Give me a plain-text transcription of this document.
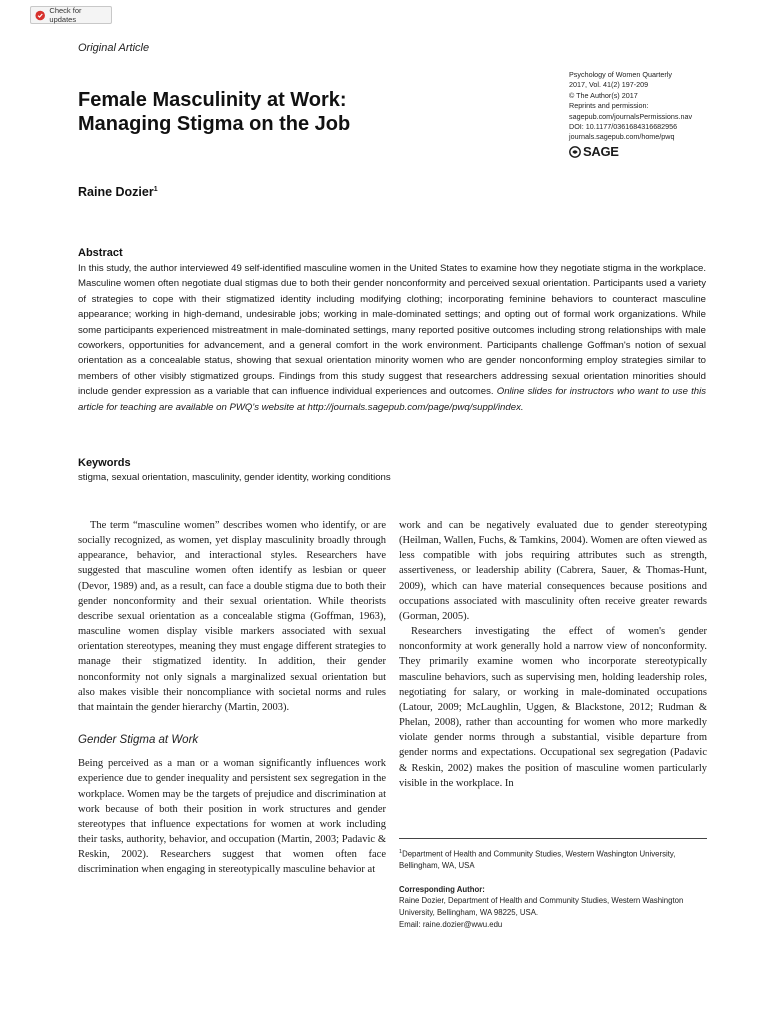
Check for updates
Original Article
Psychology of Women Quarterly
2017, Vol. 41(2) 197-209
© The Author(s) 2017
Reprints and permission:
sagepub.com/journalsPermissions.nav
DOI: 10.1177/0361684316682956
journals.sagepub.com/home/pwq
SAGE
Female Masculinity at Work:
Managing Stigma on the Job
Raine Dozier$^1$
Abstract

In this study, the author interviewed 49 self-identified masculine women in the United States to examine how they negotiate stigma in the workplace. Masculine women often negotiate dual stigmas due to both their gender nonconformity and perceived sexual orientation. Participants used a variety of strategies to cope with their stigmatized identity including modifying clothing; incorporating feminine behaviors to counteract masculine appearance; working in high-demand, undesirable jobs; working in male-dominated settings; and opting out of formal work organizations. While some participants experienced mistreatment in male-dominated settings, many reported positive outcomes including strong relationships with male coworkers, opportunities for advancement, and a general comfort in the work environment. Participants challenge Goffman's notion of sexual orientation as a concealable status, showing that sexual orientation minority women who are gender nonconforming employ strategies similar to members of other visibly stigmatized groups. Findings from this study suggest that researchers addressing sexual orientation minorities should include gender expression as a variable that can influence individual experiences and outcomes. Online slides for instructors who want to use this article for teaching are available on PWQ's website at http://journals.sagepub.com/page/pwq/suppl/index.

Keywords

stigma, sexual orientation, masculinity, gender identity, working conditions

The term “masculine women” describes women who identify, or are socially recognized, as women, yet display masculinity broadly through appearance, behavior, and interactional styles. Researchers have suggested that masculine women often identify as lesbian or queer (Devor, 1989) and, as a result, can face a double stigma due to both their gender nonconformity and their sexual orientation. While theorists describe sexual orientation as a concealable stigma (Goffman, 1963), masculine women display visible markers associated with sexual orientation stereotypes, meaning they must engage different strategies to manage their stigmatized identity. In addition, their gender nonconformity not only signals a marginalized sexual orientation but also makes visible their noncompliance with societal norms and rules that maintain the gender hierarchy (Martin, 2003).

Gender Stigma at Work

Being perceived as a man or a woman significantly influences work experience due to gender inequality and persistent sex segregation in the workplace. Women may be the targets of prejudice and discrimination at work because of both their position in work structures and gender stereotypes that influence expectations for women at work including their tasks, authority, behavior, and occupation (Martin, 2003; Padavic & Reskin, 2002). Researchers suggest that women often face discrimination when engaging in stereotypically masculine behavior at

work and can be negatively evaluated due to gender stereotyping (Heilman, Wallen, Fuchs, & Tamkins, 2004). Women are often viewed as less compatible with jobs requiring attributes such as strength, assertiveness, or leadership ability (Cabrera, Sauer, & Thomas-Hunt, 2009), which can have material consequences because positions and occupations associated with masculinity often receive greater rewards (Gorman, 2005).

Researchers investigating the effect of women's gender nonconformity at work generally hold a narrow view of nonconformity. They primarily examine women who incorporate stereotypically masculine behaviors, such as supervising men, holding leadership roles, negotiating for salary, or working in male-dominated occupations (Latour, 2009; McLaughlin, Uggen, & Blackstone, 2012; Rudman & Phelan, 2008), rather than accounting for women who more markedly violate gender norms through a substantial, visible departure from gender norms and expectations. Occupational sex segregation (Padavic & Reskin, 2002) makes the position of masculine women particularly visible in the workplace. In

$^1$Department of Health and Community Studies, Western Washington University, Bellingham, WA, USA

Corresponding Author:

Raine Dozier, Department of Health and Community Studies, Western Washington University, Bellingham, WA 98225, USA.

Email: raine.dozier@wwu.edu
